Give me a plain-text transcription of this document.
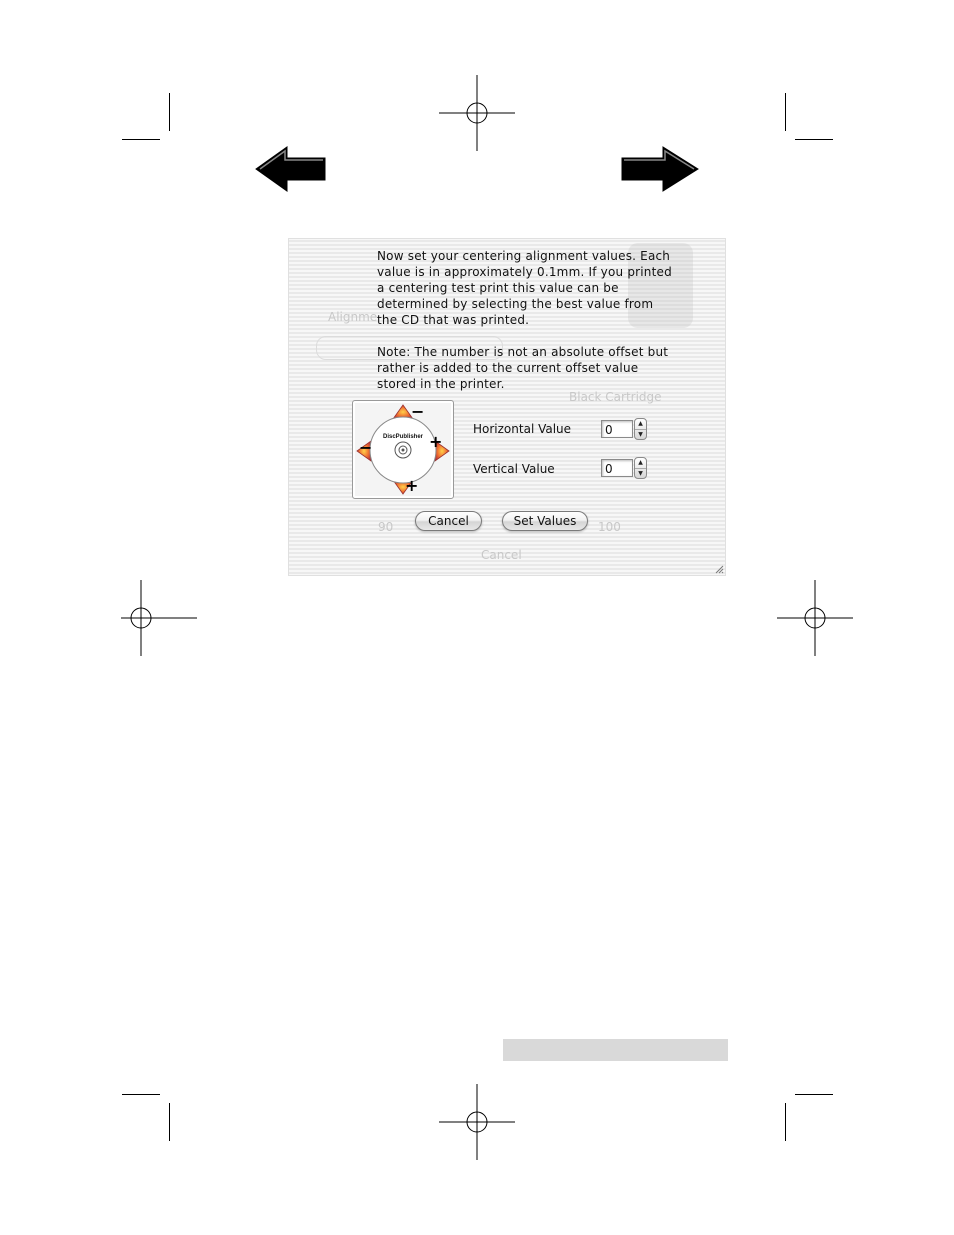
Alignme
Black Cartridge
90	100
Cancel

Now set your centering alignment values. Each value is in approximately 0.1mm. If you printed a centering test print this value can be determined by selecting the best value from the CD that was printed.

Note: The number is not an absolute offset but
rather is added to the current offset value
stored in the printer.

DiscPublisher
−
−	+
+
Horizontal Value	0	▲
▼
Vertical Value	0	▲
▼
Cancel	Set Values
